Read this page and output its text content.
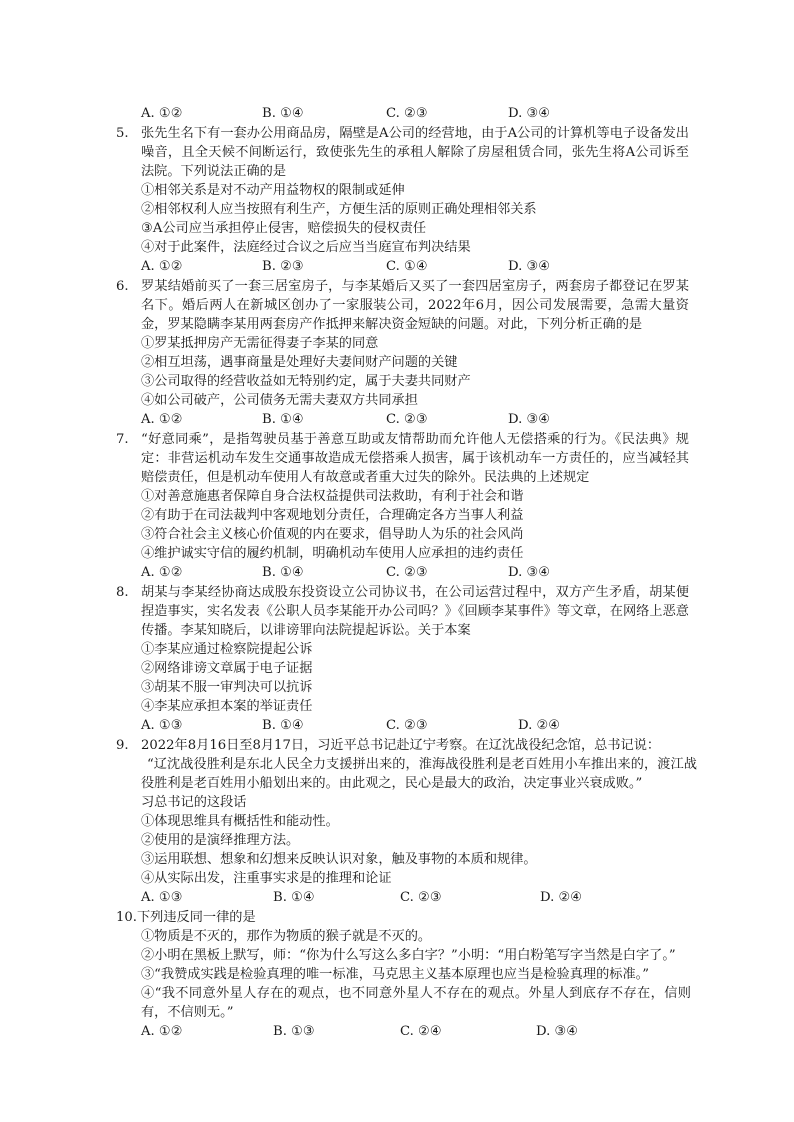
A. ①②	B. ①④	C. ②③	D. ③④
5. 张先生名下有一套办公用商品房，隔壁是A公司的经营地，由于A公司的计算机等电子设备发出噪音，且全天候不间断运行，致使张先生的承租人解除了房屋租赁合同，张先生将A公司诉至法院。下列说法正确的是
①相邻关系是对不动产用益物权的限制或延伸
②相邻权利人应当按照有利生产，方便生活的原则正确处理相邻关系
③A公司应当承担停止侵害，赔偿损失的侵权责任
④对于此案件，法庭经过合议之后应当当庭宣布判决结果
A. ①②	B. ②③	C. ①④	D. ③④
6. 罗某结婚前买了一套三居室房子，与李某婚后又买了一套四居室房子，两套房子都登记在罗某名下。婚后两人在新城区创办了一家服装公司，2022年6月，因公司发展需要，急需大量资金，罗某隐瞒李某用两套房产作抵押来解决资金短缺的问题。对此，下列分析正确的是
①罗某抵押房产无需征得妻子李某的同意
②相互坦荡，遇事商量是处理好夫妻间财产问题的关键
③公司取得的经营收益如无特别约定，属于夫妻共同财产
④如公司破产，公司债务无需夫妻双方共同承担
A. ①②	B. ①④	C. ②③	D. ③④
7. “好意同乘”，是指驾驶员基于善意互助或友情帮助而允许他人无偿搭乘的行为。《民法典》规定：非营运机动车发生交通事故造成无偿搭乘人损害，属于该机动车一方责任的，应当减轻其赔偿责任，但是机动车使用人有故意或者重大过失的除外。民法典的上述规定
①对善意施惠者保障自身合法权益提供司法救助，有利于社会和谐
②有助于在司法裁判中客观地划分责任，合理确定各方当事人利益
③符合社会主义核心价值观的内在要求，倡导助人为乐的社会风尚
④维护诚实守信的履约机制，明确机动车使用人应承担的违约责任
A. ①②	B. ①④	C. ②③	D. ③④
8. 胡某与李某经协商达成股东投资设立公司协议书，在公司运营过程中，双方产生矛盾，胡某便捏造事实，实名发表《公职人员李某能开办公司吗？》《回顾李某事件》等文章，在网络上恶意传播。李某知晓后，以诽谤罪向法院提起诉讼。关于本案
①李某应通过检察院提起公诉
②网络诽谤文章属于电子证据
③胡某不服一审判决可以抗诉
④李某应承担本案的举证责任
A. ①③	B. ①④	C. ②③	D. ②④
9. 2022年8月16日至8月17日，习近平总书记赴辽宁考察。在辽沈战役纪念馆，总书记说：
“辽沈战役胜利是东北人民全力支援拼出来的，淮海战役胜利是老百姓用小车推出来的，渡江战役胜利是老百姓用小船划出来的。由此观之，民心是最大的政治，决定事业兴衰成败。”
习总书记的这段话
①体现思维具有概括性和能动性。
②使用的是演绎推理方法。
③运用联想、想象和幻想来反映认识对象，触及事物的本质和规律。
④从实际出发，注重事实求是的推理和论证
A. ①③	B. ①④	C. ②③	D. ②④
10. 下列违反同一律的是
①物质是不灭的，那作为物质的猴子就是不灭的。
②小明在黑板上默写，师：“你为什么写这么多白字？”小明：“用白粉笔写字当然是白字了。”
③“我赞成实践是检验真理的唯一标准，马克思主义基本原理也应当是检验真理的标准。”
④“我不同意外星人存在的观点，也不同意外星人不存在的观点。外星人到底存不存在，信则有，不信则无。”
A. ①②	B. ①③	C. ②④	D. ③④
